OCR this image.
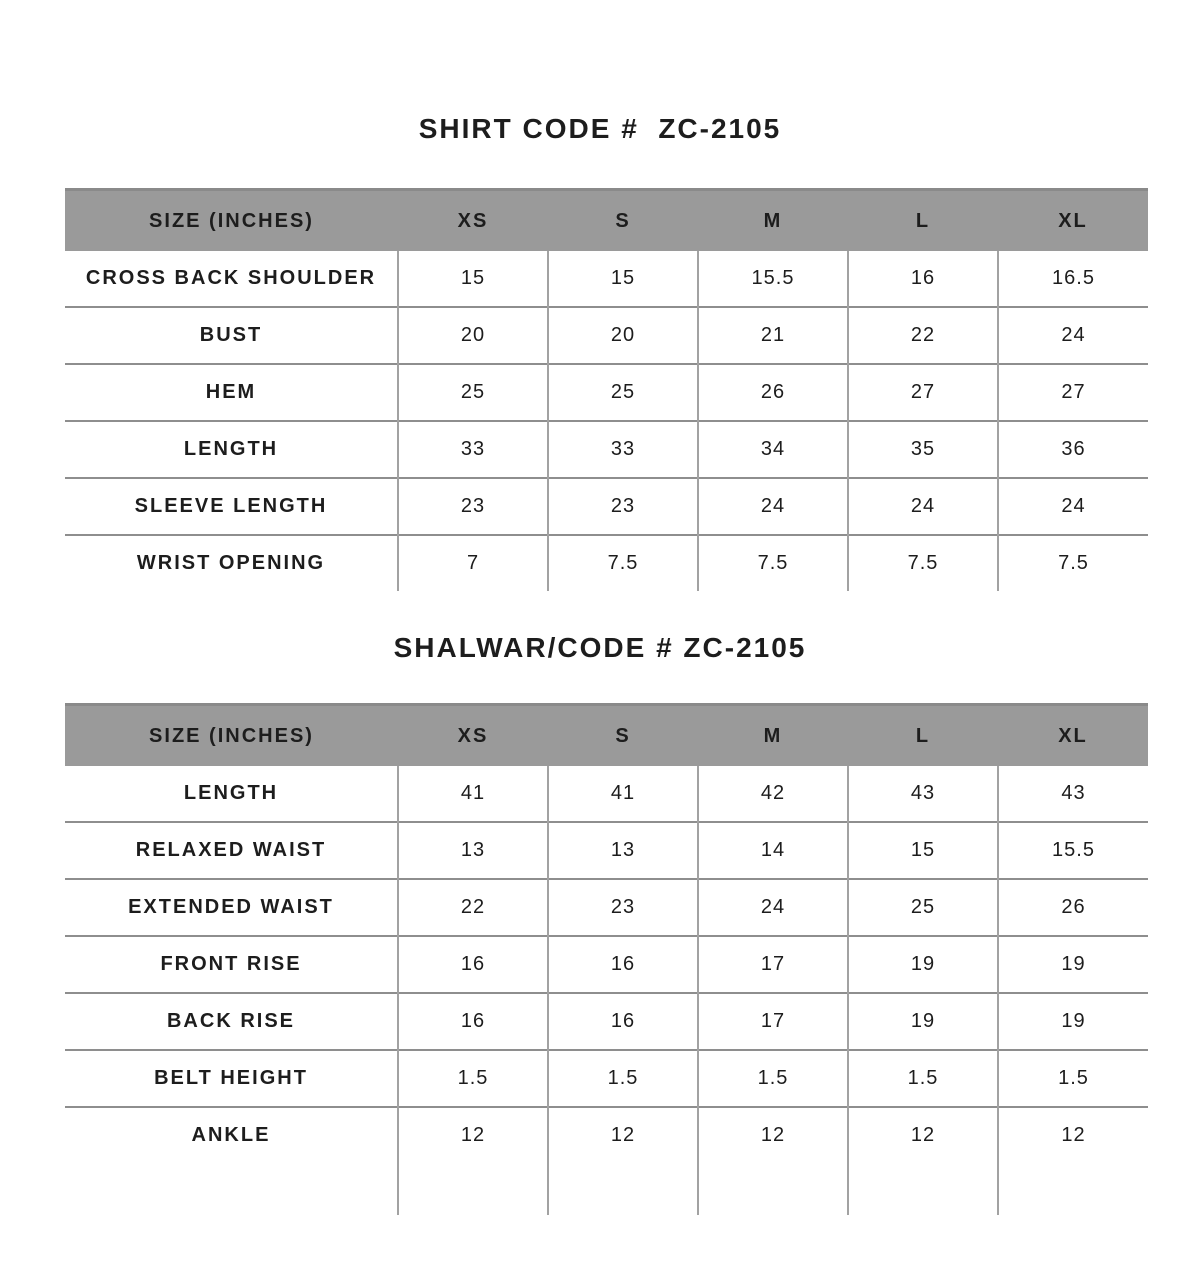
SHIRT CODE #  ZC-2105
SIZE (INCHES)	XS	S	M	L	XL
CROSS BACK SHOULDER	15	15	15.5	16	16.5
BUST	20	20	21	22	24
HEM	25	25	26	27	27
LENGTH	33	33	34	35	36
SLEEVE LENGTH	23	23	24	24	24
WRIST OPENING	7	7.5	7.5	7.5	7.5
SHALWAR/CODE # ZC-2105
SIZE (INCHES)	XS	S	M	L	XL
LENGTH	41	41	42	43	43
RELAXED WAIST	13	13	14	15	15.5
EXTENDED WAIST	22	23	24	25	26
FRONT RISE	16	16	17	19	19
BACK RISE	16	16	17	19	19
BELT HEIGHT	1.5	1.5	1.5	1.5	1.5
ANKLE	12	12	12	12	12
